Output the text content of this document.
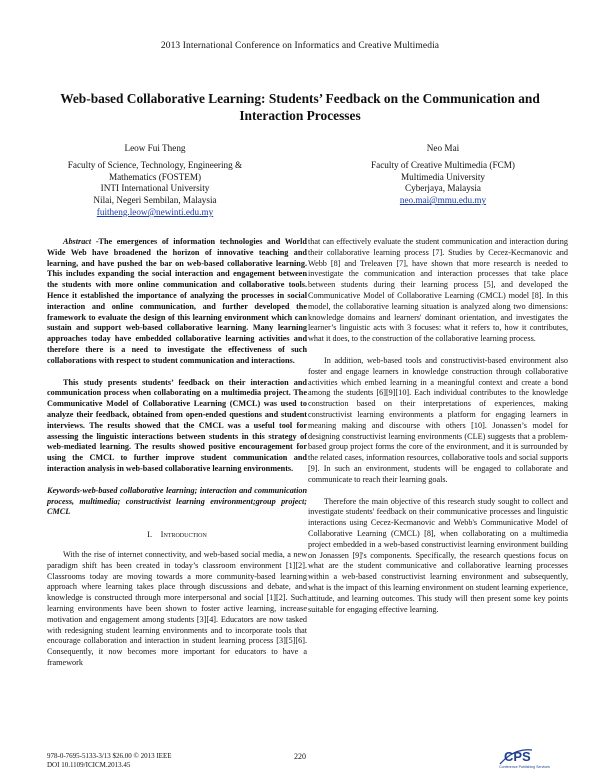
2013 International Conference on Informatics and Creative Multimedia
Web-based Collaborative Learning: Students’ Feedback on the Communication and Interaction Processes
Leow Fui Theng
Faculty of Science, Technology, Engineering &
Mathematics (FOSTEM)
INTI International University
Nilai, Negeri Sembilan, Malaysia
fuitheng.leow@newinti.edu.my
Neo Mai
Faculty of Creative Multimedia (FCM)
Multimedia University
Cyberjaya, Malaysia
neo.mai@mmu.edu.my

Abstract -The emergences of information technologies and World Wide Web have broadened the horizon of innovative teaching and learning, and have pushed the bar on web-based collaborative learning. This includes expanding the social interaction and engagement between the students with more online communication and collaborative tools. Hence it established the importance of analyzing the processes in social interaction and online communication, and further developed the framework to evaluate the design of this learning environment which can sustain and support web-based collaborative learning. Many learning approaches today have embedded collaborative learning activities and therefore there is a need to investigate the effectiveness of such collaborations with respect to student communication and interactions.

This study presents students’ feedback on their interaction and communication process when collaborating on a multimedia project. The Communicative Model of Collaborative Learning (CMCL) was used to analyze their feedback, obtained from open-ended questions and student interviews. The results showed that the CMCL was a useful tool for assessing the linguistic interactions between students in this strategy of web-mediated learning. The results showed positive encouragement for using the CMCL to further improve student communication and interaction analysis in web-based collaborative learning environments.

Keywords-web-based collaborative learning; interaction and communication process, multimedia; constructivist learning environment;group project; CMCL

I. Introduction

With the rise of internet connectivity, and web-based social media, a new paradigm shift has been created in today’s classroom environment [1][2]. Classrooms today are moving towards a more community-based learning approach where learning takes place through discussions and debate, and knowledge is constructed through more interpersonal and social [1][2]. Such learning environments have been shown to foster active learning, increase motivation and engagement among students [3][4]. Educators are now tasked with redesigning student learning environments and to incorporate tools that encourage collaboration and interaction in student learning process [3][5][6]. Consequently, it now becomes more important for educators to have a framework

that can effectively evaluate the student communication and interaction during their collaborative learning process [7]. Studies by Cecez-Kecmanovic and Webb [8] and Treleaven [7], have shown that more research is needed to investigate the communication and interaction processes that take place between students during their learning process [5], and developed the Communicative Model of Collaborative Learning (CMCL) model [8]. In this model, the collaborative learning situation is analyzed along two dimensions: knowledge domains and learners' dominant orientation, and investigates the learner’s linguistic acts with 3 focuses: what it refers to, how it contributes, what it does, to the construction of the collaborative learning process.

In addition, web-based tools and constructivist-based environment also foster and engage learners in knowledge construction through collaborative activities which embed learning in a meaningful context and create a bond among the students [6][9][10]. Each individual contributes to the knowledge construction based on their interpretations of experiences, making constructivist learning environments a platform for engaging learners in meaning making and discourse with others [10]. Jonassen’s model for designing constructivist learning environments (CLE) suggests that a problem-based group project forms the core of the environment, and it is surrounded by the related cases, information resources, collaborative tools and social supports [9]. In such an environment, students will be engaged to collaborate and communicate to reach their learning goals.

Therefore the main objective of this research study sought to collect and investigate students' feedback on their communicative processes and linguistic interactions using Cecez-Kecmanovic and Webb's Communicative Model of Collaborative Learning (CMCL) [8], when collaborating on a multimedia project embedded in a web-based constructivist learning environment building on Jonassen [9]'s components. Specifically, the research questions focus on what are the student communicative and collaborative learning processes within a web-based constructivist learning environment and subsequently, what is the impact of this learning environment on student learning experience, attitude, and learning outcomes. This study will then present some key points suitable for engaging effective learning.

978-0-7695-5133-3/13 $26.00 © 2013 IEEE
DOI 10.1109/ICICM.2013.45
220	CPS
Conference Publishing Services
